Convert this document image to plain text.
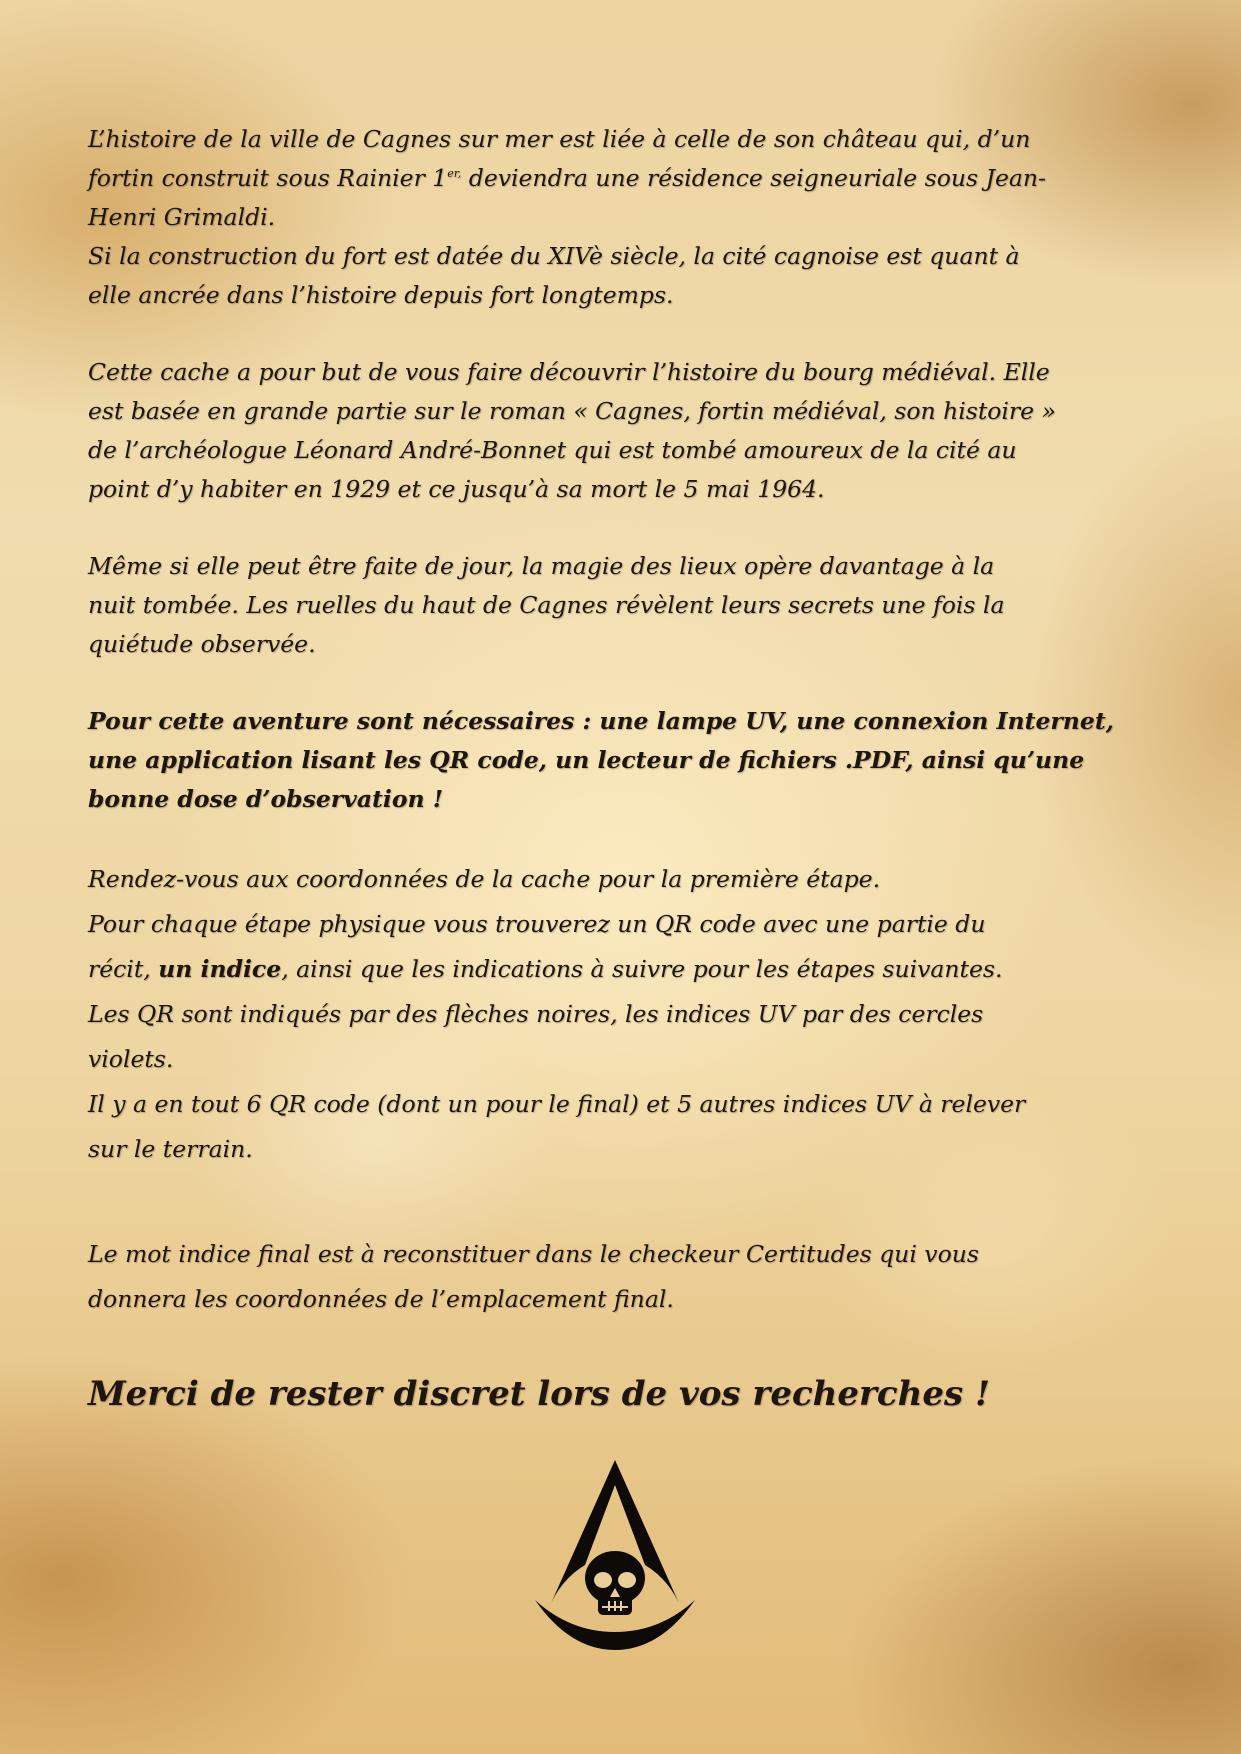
L’histoire de la ville de Cagnes sur mer est liée à celle de son château qui, d’un
fortin construit sous Rainier $1^{er,}$ deviendra une résidence seigneuriale sous Jean-
Henri Grimaldi.
Si la construction du fort est datée du XIVè siècle, la cité cagnoise est quant à
elle ancrée dans l’histoire depuis fort longtemps.

Cette cache a pour but de vous faire découvrir l’histoire du bourg médiéval. Elle
est basée en grande partie sur le roman « Cagnes, fortin médiéval, son histoire »
de l’archéologue Léonard André-Bonnet qui est tombé amoureux de la cité au
point d’y habiter en 1929 et ce jusqu’à sa mort le 5 mai 1964.

Même si elle peut être faite de jour, la magie des lieux opère davantage à la
nuit tombée. Les ruelles du haut de Cagnes révèlent leurs secrets une fois la
quiétude observée.

Pour cette aventure sont nécessaires : une lampe UV, une connexion Internet,
une application lisant les QR code, un lecteur de fichiers .PDF, ainsi qu’une
bonne dose d’observation !

Rendez-vous aux coordonnées de la cache pour la première étape.
Pour chaque étape physique vous trouverez un QR code avec une partie du
récit, un indice, ainsi que les indications à suivre pour les étapes suivantes.
Les QR sont indiqués par des flèches noires, les indices UV par des cercles
violets.
Il y a en tout 6 QR code (dont un pour le final) et 5 autres indices UV à relever
sur le terrain.

Le mot indice final est à reconstituer dans le checkeur Certitudes qui vous
donnera les coordonnées de l’emplacement final.

Merci de rester discret lors de vos recherches !
